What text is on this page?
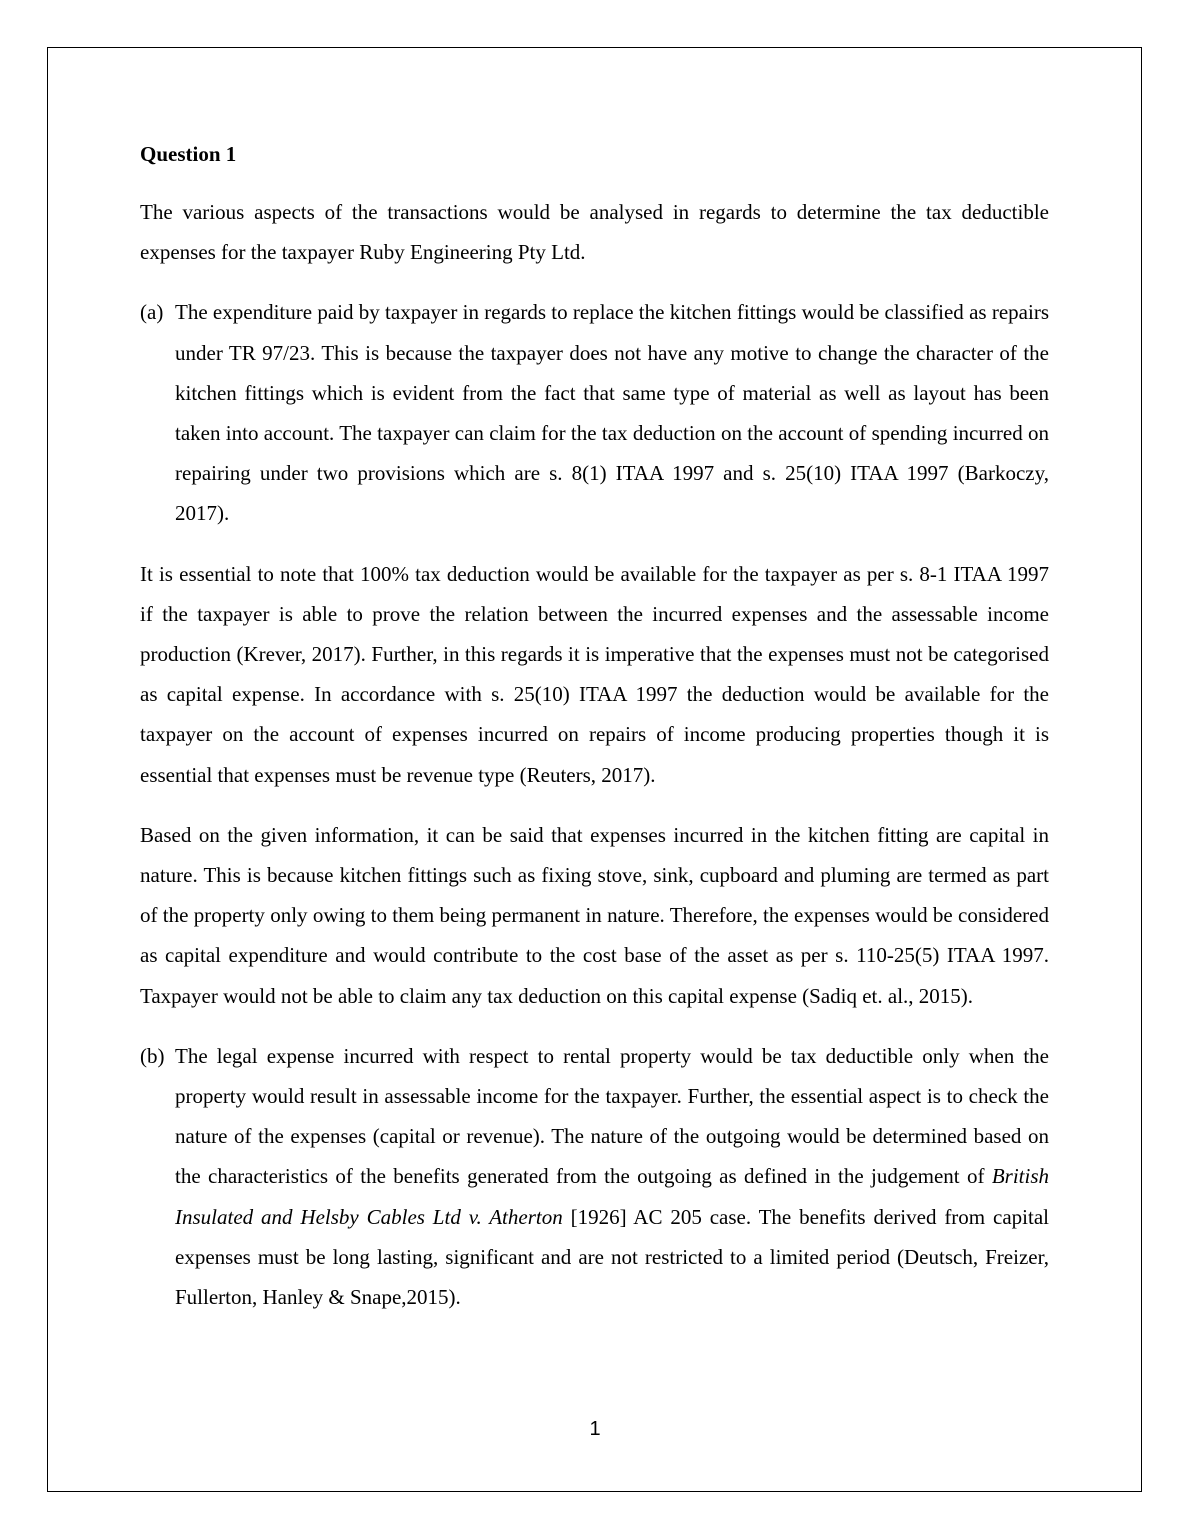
Question 1

The various aspects of the transactions would be analysed in regards to determine the tax deductible expenses for the taxpayer Ruby Engineering Pty Ltd.

(a) The expenditure paid by taxpayer in regards to replace the kitchen fittings would be classified as repairs under TR 97/23. This is because the taxpayer does not have any motive to change the character of the kitchen fittings which is evident from the fact that same type of material as well as layout has been taken into account. The taxpayer can claim for the tax deduction on the account of spending incurred on repairing under two provisions which are s. 8(1) ITAA 1997 and s. 25(10) ITAA 1997 (Barkoczy, 2017).

It is essential to note that 100% tax deduction would be available for the taxpayer as per s. 8-1 ITAA 1997 if the taxpayer is able to prove the relation between the incurred expenses and the assessable income production (Krever, 2017). Further, in this regards it is imperative that the expenses must not be categorised as capital expense. In accordance with s. 25(10) ITAA 1997 the deduction would be available for the taxpayer on the account of expenses incurred on repairs of income producing properties though it is essential that expenses must be revenue type (Reuters, 2017).

Based on the given information, it can be said that expenses incurred in the kitchen fitting are capital in nature. This is because kitchen fittings such as fixing stove, sink, cupboard and pluming are termed as part of the property only owing to them being permanent in nature. Therefore, the expenses would be considered as capital expenditure and would contribute to the cost base of the asset as per s. 110-25(5) ITAA 1997. Taxpayer would not be able to claim any tax deduction on this capital expense (Sadiq et. al., 2015).

(b) The legal expense incurred with respect to rental property would be tax deductible only when the property would result in assessable income for the taxpayer. Further, the essential aspect is to check the nature of the expenses (capital or revenue). The nature of the outgoing would be determined based on the characteristics of the benefits generated from the outgoing as defined in the judgement of British Insulated and Helsby Cables Ltd v. Atherton [1926] AC 205 case. The benefits derived from capital expenses must be long lasting, significant and are not restricted to a limited period (Deutsch, Freizer, Fullerton, Hanley & Snape,2015).
1
